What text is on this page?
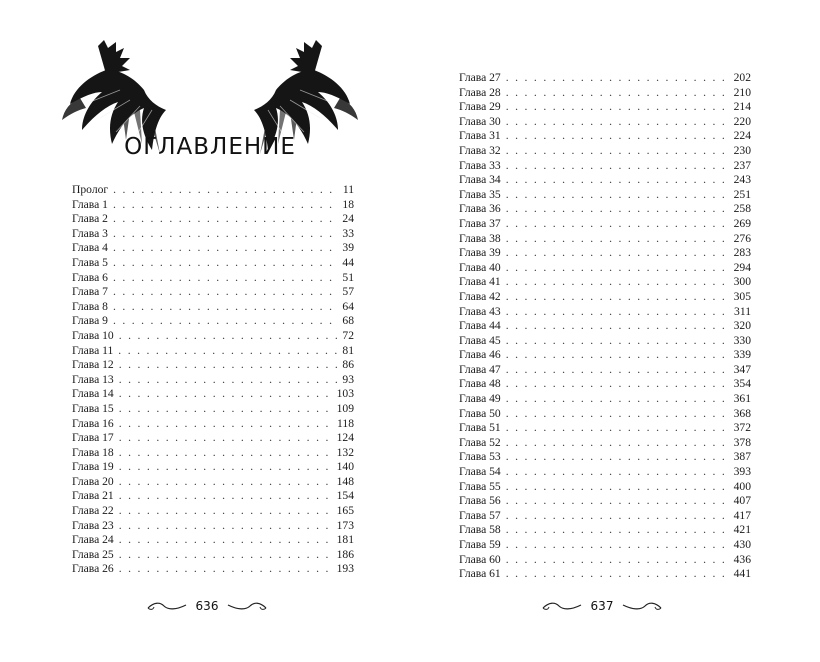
ОГЛАВЛЕНИЕ
Пролог . . .	11
Глава 1 . . .	18
Глава 2 . . .	24
Глава 3 . . .	33
Глава 4 . . .	39
Глава 5 . . .	44
Глава 6 . . .	51
Глава 7 . . .	57
Глава 8 . . .	64
Глава 9 . . .	68
Глава 10 . . .	72
Глава 11 . . .	81
Глава 12 . . .	86
Глава 13 . . .	93
Глава 14 . . .	103
Глава 15 . . .	109
Глава 16 . . .	118
Глава 17 . . .	124
Глава 18 . . .	132
Глава 19 . . .	140
Глава 20 . . .	148
Глава 21 . . .	154
Глава 22 . . .	165
Глава 23 . . .	173
Глава 24 . . .	181
Глава 25 . . .	186
Глава 26 . . .	193
636
Глава 27 . . .	202
Глава 28 . . .	210
Глава 29 . . .	214
Глава 30 . . .	220
Глава 31 . . .	224
Глава 32 . . .	230
Глава 33 . . .	237
Глава 34 . . .	243
Глава 35 . . .	251
Глава 36 . . .	258
Глава 37 . . .	269
Глава 38 . . .	276
Глава 39 . . .	283
Глава 40 . . .	294
Глава 41 . . .	300
Глава 42 . . .	305
Глава 43 . . .	311
Глава 44 . . .	320
Глава 45 . . .	330
Глава 46 . . .	339
Глава 47 . . .	347
Глава 48 . . .	354
Глава 49 . . .	361
Глава 50 . . .	368
Глава 51 . . .	372
Глава 52 . . .	378
Глава 53 . . .	387
Глава 54 . . .	393
Глава 55 . . .	400
Глава 56 . . .	407
Глава 57 . . .	417
Глава 58 . . .	421
Глава 59 . . .	430
Глава 60 . . .	436
Глава 61 . . .	441
637
